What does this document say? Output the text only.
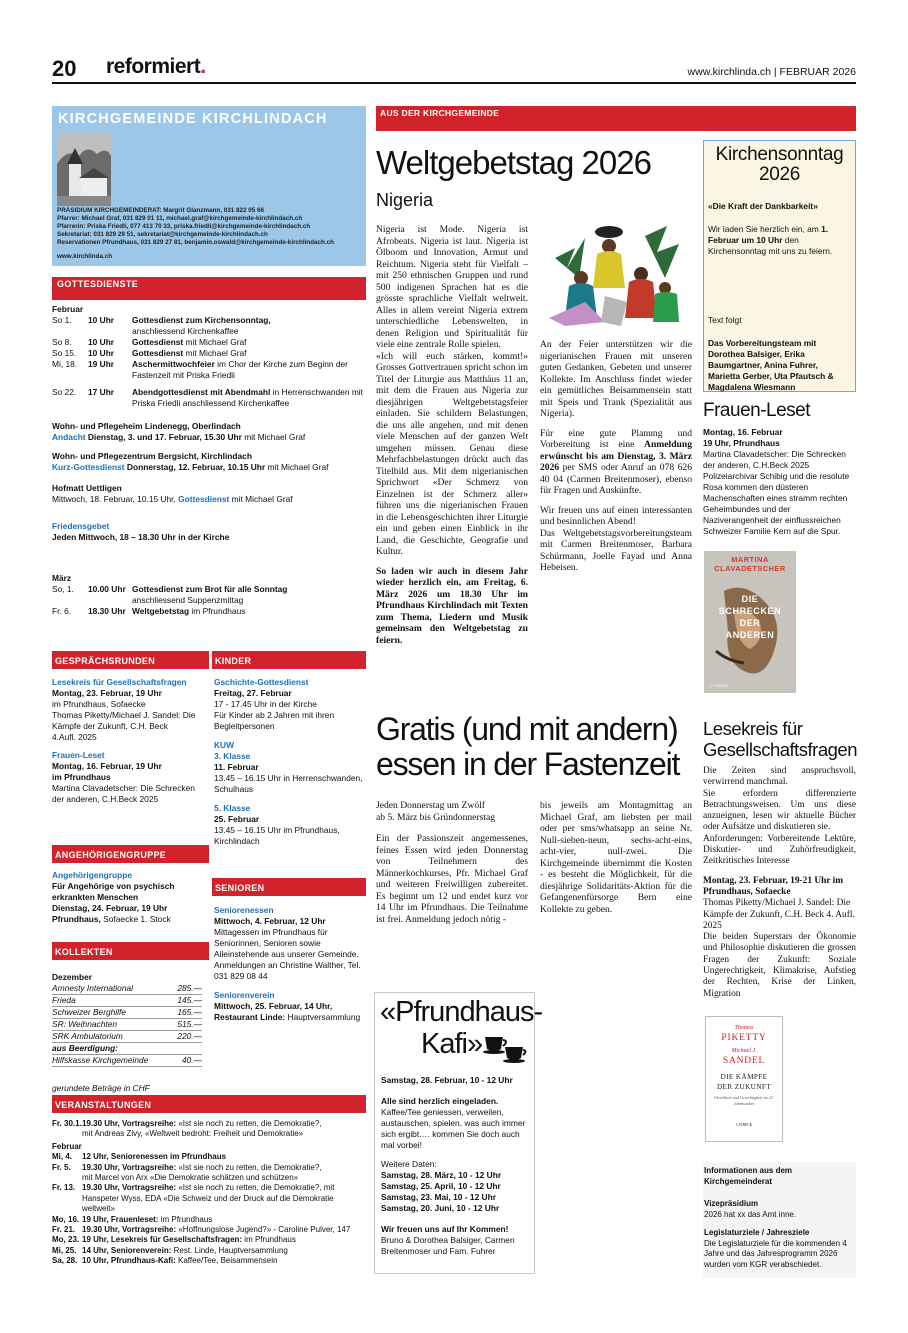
20 reformiert.	www.kirchlinda.ch | FEBRUAR 2026
KIRCHGEMEINDE KIRCHLINDACH
PRÄSIDIUM KIRCHGEMEINDERAT: Margrit Glanzmann, 031 822 05 66
Pfarrer: Michael Graf, 031 829 01 11, michael.graf@kirchgemeinde-kirchlindach.ch
Pfarrerin: Priska Friedli, 077 413 70 33, priska.friedli@kirchgemeinde-kirchlindach.ch
Sekretariat: 031 829 29 51, sekretariat@kirchgemeinde-kirchlindach.ch
Reservationen Pfrundhaus, 031 829 27 81, benjamin.oswald@kirchgemeinde-kirchlindach.ch
www.kirchlinda.ch
GOTTESDIENSTE
Februar
So 1.	10 Uhr	Gottesdienst zum Kirchensonntag,
anschliessend Kirchenkaffee
So 8.	10 Uhr	Gottesdienst mit Michael Graf
So 15.	10 Uhr	Gottesdienst mit Michael Graf
Mi, 18.	19 Uhr	Aschermittwochfeier im Chor der Kirche zum Beginn der
Fastenzeit mit Priska Friedli
So 22.	17 Uhr	Abendgottesdienst mit Abendmahl in Herrenschwanden mit
Priska Friedli anschliessend Kirchenkaffee
Wohn- und Pflegeheim Lindenegg, Oberlindach
Andacht Dienstag, 3. und 17. Februar, 15.30 Uhr mit Michael Graf
Wohn- und Pflegezentrum Bergsicht, Kirchlindach
Kurz-Gottesdienst Donnerstag, 12. Februar, 10.15 Uhr mit Michael Graf
Hofmatt Uettligen
Mittwoch, 18. Februar, 10.15 Uhr, Gottesdienst mit Michael Graf
Friedensgebet
Jeden Mittwoch, 18 – 18.30 Uhr in der Kirche
März
So, 1.	10.00 Uhr Gottesdienst zum Brot für alle Sonntag
anschliessend Suppenzmittag
Fr. 6.	18.30 Uhr Weltgebetstag im Pfrundhaus
GESPRÄCHSRUNDEN
Lesekreis für Gesellschaftsfragen
Montag, 23. Februar, 19 Uhr
im Pfrundhaus, Sofaecke
Thomas Piketty/Michael J. Sandel: Die Kämpfe der Zukunft, C.H. Beck
4.Aufl. 2025
Frauen-Leset
Montag, 16. Februar, 19 Uhr
im Pfrundhaus
Martina Clavadetscher: Die Schrecken der anderen, C.H.Beck 2025
KINDER
Gschichte-Gottesdienst
Freitag, 27. Februar
17 - 17.45 Uhr in der Kirche
Für Kinder ab 2 Jahren mit ihren Begleitpersonen
KUW
3. Klasse
11. Februar
13.45 – 16.15 Uhr in Herrenschwanden, Schulhaus
5. Klasse
25. Februar
13.45 – 16.15 Uhr im Pfrundhaus, Kirchlindach
ANGEHÖRIGENGRUPPE
Angehörigengruppe
Für Angehörige von psychisch erkrankten Menschen
Dienstag, 24. Februar, 19 Uhr
Pfrundhaus, Sofaecke 1. Stock
SENIOREN
Seniorenessen
Mittwoch, 4. Februar, 12 Uhr
Mittagessen im Pfrundhaus für Seniorinnen, Senioren sowie Alleinstehende aus unserer Gemeinde.
Anmeldungen an Christine Walther, Tel. 031 829 08 44
Seniorenverein
Mittwoch, 25. Februar, 14 Uhr,
Restaurant Linde: Hauptversammlung
KOLLEKTEN
Dezember
Amnesty International	285.—
Frieda	145.—
Schweizer Berghilfe	165.—
SR: Weihnachten	515.—
SRK Ambulatorium	220.—
aus Beerdigung:
Hilfskasse Kirchgemeinde	40.—
gerundete Beträge in CHF
VERANSTALTUNGEN
Fr. 30.1. 19.30 Uhr, Vortragsreihe: «Ist sie noch zu retten, die Demokratie?,
mit Andreas Zivy, «Weltweit bedroht: Freiheit und Demokratie»
Februar
Mi, 4.	12 Uhr, Seniorenessen im Pfrundhaus
Fr. 5.	19.30 Uhr, Vortragsreihe: «Ist sie noch zu retten, die Demokratie?,
mit Marcel von Arx «Die Demokratie schätzen und schützen»
Fr. 13. 19.30 Uhr, Vortragsreihe: «Ist sie noch zu retten, die Demokratie?, mit
Hanspeter Wyss, EDA «Die Schweiz und der Druck auf die Demokratie weltweit»
Mo, 16. 19 Uhr, Frauenleset: im Pfrundhaus
Fr. 21. 19.30 Uhr, Vortragsreihe: «Hoffnungslose Jugend?» - Caroline Pulver, 147
Mo, 23. 19 Uhr, Lesekreis für Gesellschaftsfragen: im Pfrundhaus
Mi, 25. 14 Uhr, Seniorenverein: Rest. Linde, Hauptversammlung
Sa, 28. 10 Uhr, Pfrundhaus-Kafi: Kaffee/Tee, Beisammensein
AUS DER KIRCHGEMEINDE
Weltgebetstag 2026
Nigeria
Nigeria ist Mode. Nigeria ist Afrobeats. Nigeria ist laut. Nigeria ist Ölboom und Innovation, Armut und Reichtum. Nigeria steht für Vielfalt – mit 250 ethnischen Gruppen und rund 500 indigenen Sprachen hat es die grösste sprachliche Vielfalt weltweit. Alles in allem vereint Nigeria extrem unterschiedliche Lebenswelten, in denen Religion und Spiritualität für viele eine zentrale Rolle spielen.
«Ich will euch stärken, kommt!» Grosses Gottvertrauen spricht schon im Titel der Liturgie aus Matthäus 11 an, mit dem die Frauen aus Nigeria zur diesjährigen Weltgebetstagsfeier einladen. Sie schildern Belastungen, die uns alle angehen, und mit denen viele Menschen auf der ganzen Welt umgehen müssen. Genau diese Mehrfachbelastungen drückt auch das Titelbild aus. Mit dem nigerianischen Sprichwort «Der Schmerz von Einzelnen ist der Schmerz aller» führen uns die nigerianischen Frauen in die Lebensgeschichten ihrer Liturgie ein und geben einen Einblick in ihr Land, die Geschichte, Geografie und Kultur.
So laden wir auch in diesem Jahr wieder herzlich ein, am Freitag, 6. März 2026 um 18.30 Uhr im Pfrundhaus Kirchlindach mit Texten zum Thema, Liedern und Musik gemeinsam den Weltgebetstag zu feiern.
An der Feier unterstützen wir die nigerianischen Frauen mit unseren guten Gedanken, Gebeten und unserer Kollekte. Im Anschluss findet wieder ein gemütliches Beisammensein statt mit Speis und Trank (Spezialität aus Nigeria).
Für eine gute Planung und Vorbereitung ist eine Anmeldung erwünscht bis am Dienstag, 3. März 2026 per SMS oder Anruf an 078 626 40 04 (Carmen Breitenmoser), ebenso für Fragen und Auskünfte.
Wir freuen uns auf einen interessanten und besinnlichen Abend!
Das Weltgebetstagsvorbereitungsteam mit Carmen Breitenmoser, Barbara Schürmann, Joelle Fayad und Anna Hebeisen.
Gratis (und mit andern)
essen in der Fastenzeit
Jeden Donnerstag um Zwölf
ab 5. März bis Gründonnerstag
Ein der Passionszeit angemessenes, feines Essen wird jeden Donnerstag von Teilnehmern des Männerkochkurses, Pfr. Michael Graf und weiteren Freiwilligen zubereitet. Es beginnt um 12 und endet kurz vor 14 Uhr im Pfrundhaus. Die Teilnahme ist frei. Anmeldung jedoch nötig -
bis jeweils am Montagmittag an Michael Graf, am liebsten per mail oder per sms/whatsapp an seine Nr. Null-sieben-neun, sechs-acht-eins, acht-vier, null-zwei. Die Kirchgemeinde übernimmt die Kosten - es besteht die Möglichkeit, für die diesjährige Solidaritäts-Aktion für die Gefangenenfürsorge Bern eine Kollekte zu geben.
«Pfrundhaus-
Kafi»
Samstag, 28. Februar, 10 - 12 Uhr
Alle sind herzlich eingeladen.
Kaffee/Tee geniessen, verweilen, austauschen, spielen, was auch immer sich ergibt.… kommen Sie doch auch mal vorbei!
Weitere Daten:
Samstag, 28. März, 10 - 12 Uhr
Samstag, 25. April, 10 - 12 Uhr
Samstag, 23. Mai, 10 - 12 Uhr
Samstag, 20. Juni, 10 - 12 Uhr
Wir freuen uns auf Ihr Kommen!
Bruno & Dorothea Balsiger, Carmen Breitenmoser und Fam. Fuhrer
Kirchensonntag 2026
«Die Kraft der Dankbarkeit»
Wir laden Sie herzlich ein, am 1. Februar um 10 Uhr den Kirchensonntag mit uns zu feiern.
Text folgt
Das Vorbereitungsteam mit
Dorothea Balsiger, Erika Baumgartner, Anina Fuhrer, Marietta Gerber, Uta Pfautsch & Magdalena Wiesmann
Frauen-Leset
Montag, 16. Februar
19 Uhr, Pfrundhaus
Martina Clavadetscher: Die Schrecken der anderen, C.H.Beck 2025 Polizeiarchivar Schibig und die resolute Rosa kommen den düsteren Machenschaften eines stramm rechten Geheimbundes und der Naziverangenheit der einflussreichen Schweizer Familie Kern auf die Spur.
MARTINA
CLAVADETSCHER
DIE
SCHRECKEN
DER
ANDEREN
C.H.BECK
Lesekreis für
Gesellschaftsfragen
Die Zeiten sind anspruchsvoll, verwirrend manchmal.
Sie erfordern differenzierte Betrachtungsweisen. Um uns diese anzueignen, lesen wir aktuelle Bücher oder Aufsätze und diskutieren sie.
Anforderungen: Vorbereitende Lektüre, Diskutier- und Zuhörfreudigkeit, Zeitkritisches Interesse
Montag, 23. Februar, 19-21 Uhr im Pfrundhaus, Sofaecke
Thomas Piketty/Michael J. Sandel: Die Kämpfe der Zukunft, C.H. Beck 4. Aufl. 2025
Die beiden Superstars der Ökonomie und Philosophie diskutieren die grossen Fragen der Zukunft: Soziale Ungerechtigkeit, Klimakrise, Aufstieg der Rechten, Krise der Linken, Migration
Thomas
PIKETTY
Michael J.
SANDEL
DIE KÄMPFE
DER ZUKUNFT
Gleichheit und Gerechtigkeit im 21. Jahrhundert
C.H.BECK
Informationen aus dem Kirchgemeinderat
Vizepräsidium
2026 hat xx das Amt inne.
Legislaturziele / Jahresziele
Die Legislaturziele für die kommenden 4 Jahre und das Jahresprogramm 2026 wurden vom KGR verabschiedet.
